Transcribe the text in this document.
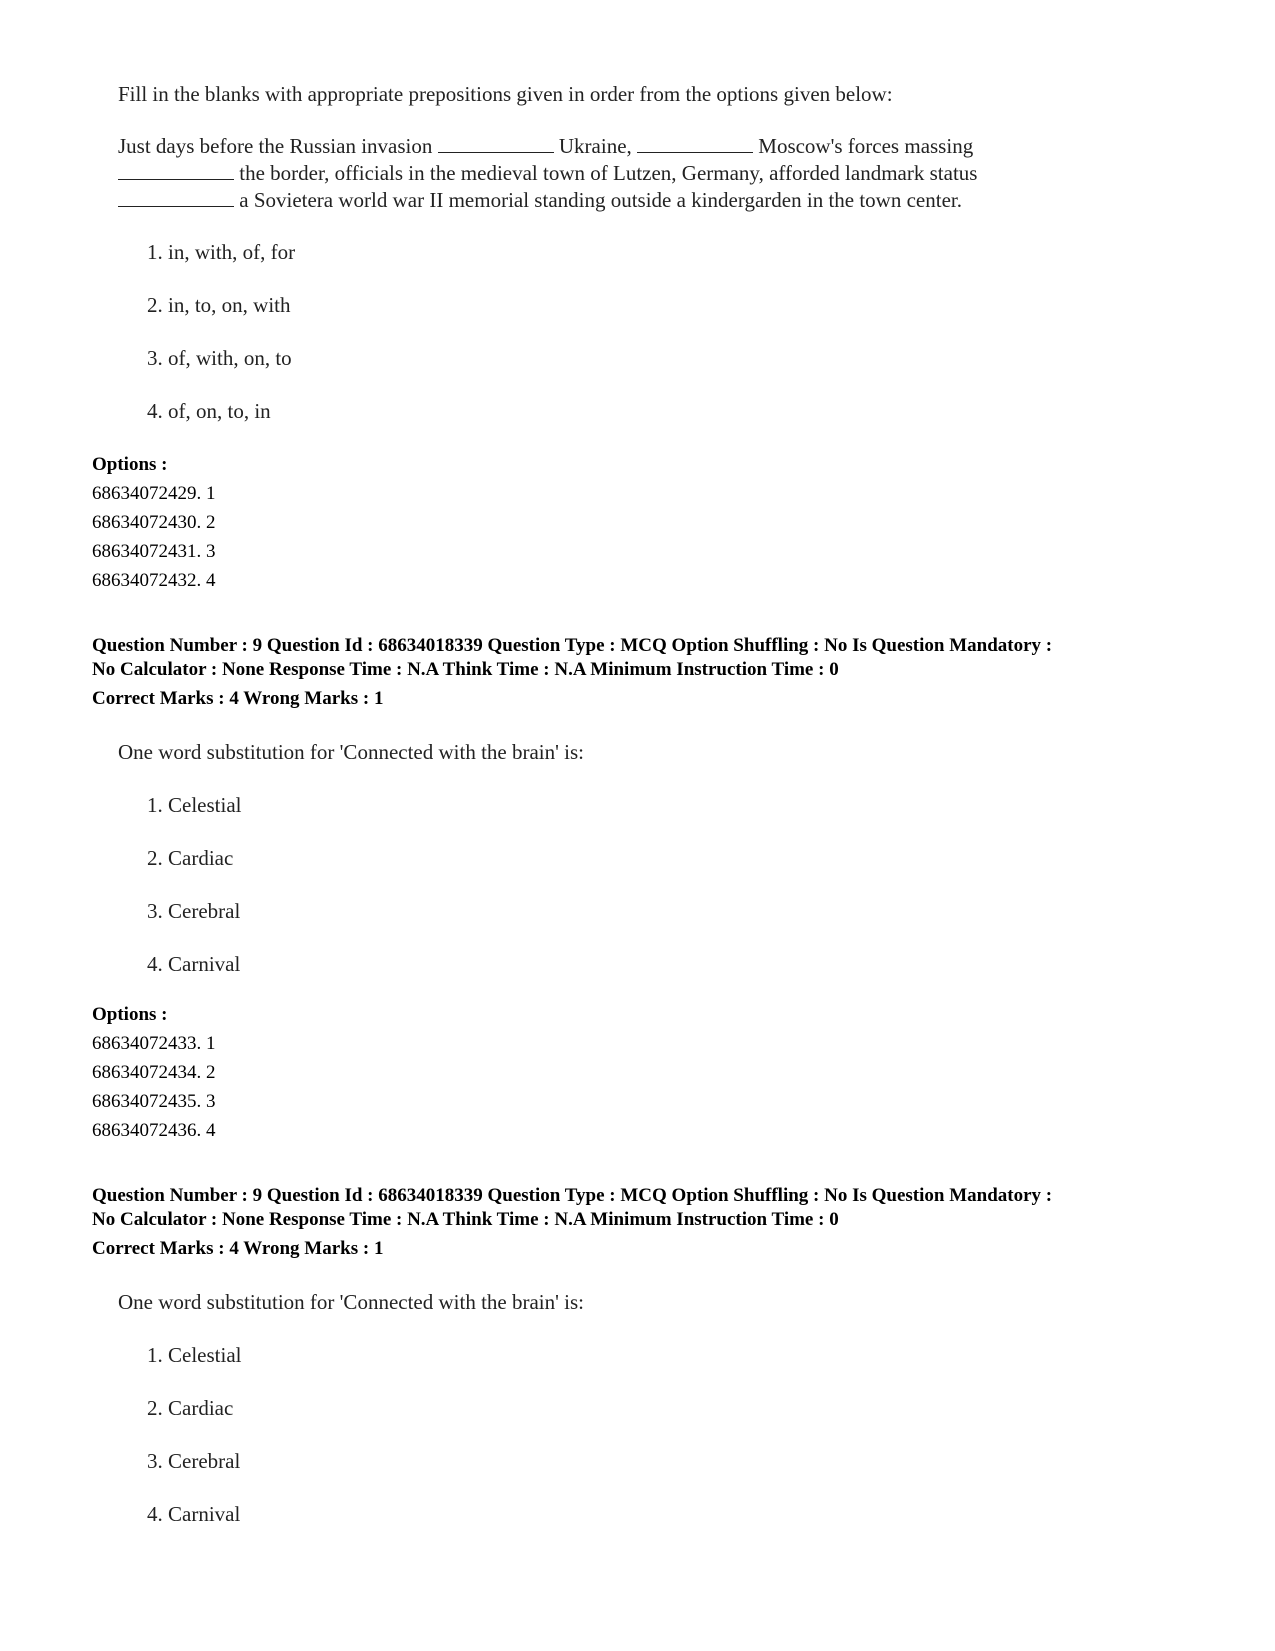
Fill in the blanks with appropriate prepositions given in order from the options given below:
Just days before the Russian invasion	Ukraine,	Moscow's forces massing
the border, officials in the medieval town of Lutzen, Germany, afforded landmark status
a Sovietera world war II memorial standing outside a kindergarden in the town center.
1. in, with, of, for
2. in, to, on, with
3. of, with, on, to
4. of, on, to, in
Options :
68634072429. 1
68634072430. 2
68634072431. 3
68634072432. 4
Question Number : 9 Question Id : 68634018339 Question Type : MCQ Option Shuffling : No Is Question Mandatory :
No Calculator : None Response Time : N.A Think Time : N.A Minimum Instruction Time : 0
Correct Marks : 4 Wrong Marks : 1
One word substitution for 'Connected with the brain' is:
1. Celestial
2. Cardiac
3. Cerebral
4. Carnival
Options :
68634072433. 1
68634072434. 2
68634072435. 3
68634072436. 4
Question Number : 9 Question Id : 68634018339 Question Type : MCQ Option Shuffling : No Is Question Mandatory :
No Calculator : None Response Time : N.A Think Time : N.A Minimum Instruction Time : 0
Correct Marks : 4 Wrong Marks : 1
One word substitution for 'Connected with the brain' is:
1. Celestial
2. Cardiac
3. Cerebral
4. Carnival
